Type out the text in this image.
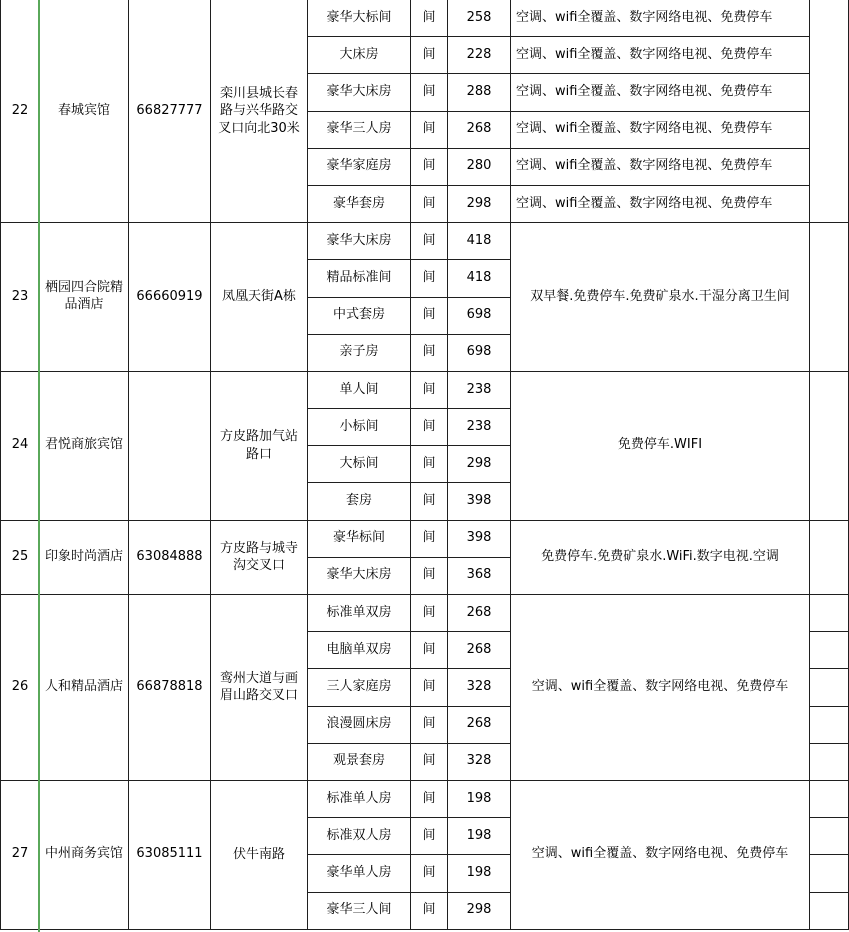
22	春城宾馆	66827777	栾川县城长春路与兴华路交叉口向北30米	豪华大标间	间	258	空调、wifi全覆盖、数字网络电视、免费停车	
				大床房	间	228	空调、wifi全覆盖、数字网络电视、免费停车	
				豪华大床房	间	288	空调、wifi全覆盖、数字网络电视、免费停车	
				豪华三人房	间	268	空调、wifi全覆盖、数字网络电视、免费停车	
				豪华家庭房	间	280	空调、wifi全覆盖、数字网络电视、免费停车	
				豪华套房	间	298	空调、wifi全覆盖、数字网络电视、免费停车	
23	栖园四合院精品酒店	66660919	凤凰天街A栋	豪华大床房	间	418	双早餐.免费停车.免费矿泉水.干湿分离卫生间	
				精品标准间	间	418		
				中式套房	间	698		
				亲子房	间	698		
24	君悦商旅宾馆		方皮路加气站路口	单人间	间	238	免费停车.WIFI	
				小标间	间	238		
				大标间	间	298		
				套房	间	398		
25	印象时尚酒店	63084888	方皮路与城寺沟交叉口	豪华标间	间	398	免费停车.免费矿泉水.WiFi.数字电视.空调	
				豪华大床房	间	368		
26	人和精品酒店	66878818	鸾州大道与画眉山路交叉口	标准单双房	间	268	空调、wifi全覆盖、数字网络电视、免费停车	
				电脑单双房	间	268		
				三人家庭房	间	328		
				浪漫圆床房	间	268		
				观景套房	间	328		
27	中州商务宾馆	63085111	伏牛南路	标准单人房	间	198	空调、wifi全覆盖、数字网络电视、免费停车	
				标准双人房	间	198		
				豪华单人房	间	198		
				豪华三人间	间	298		
